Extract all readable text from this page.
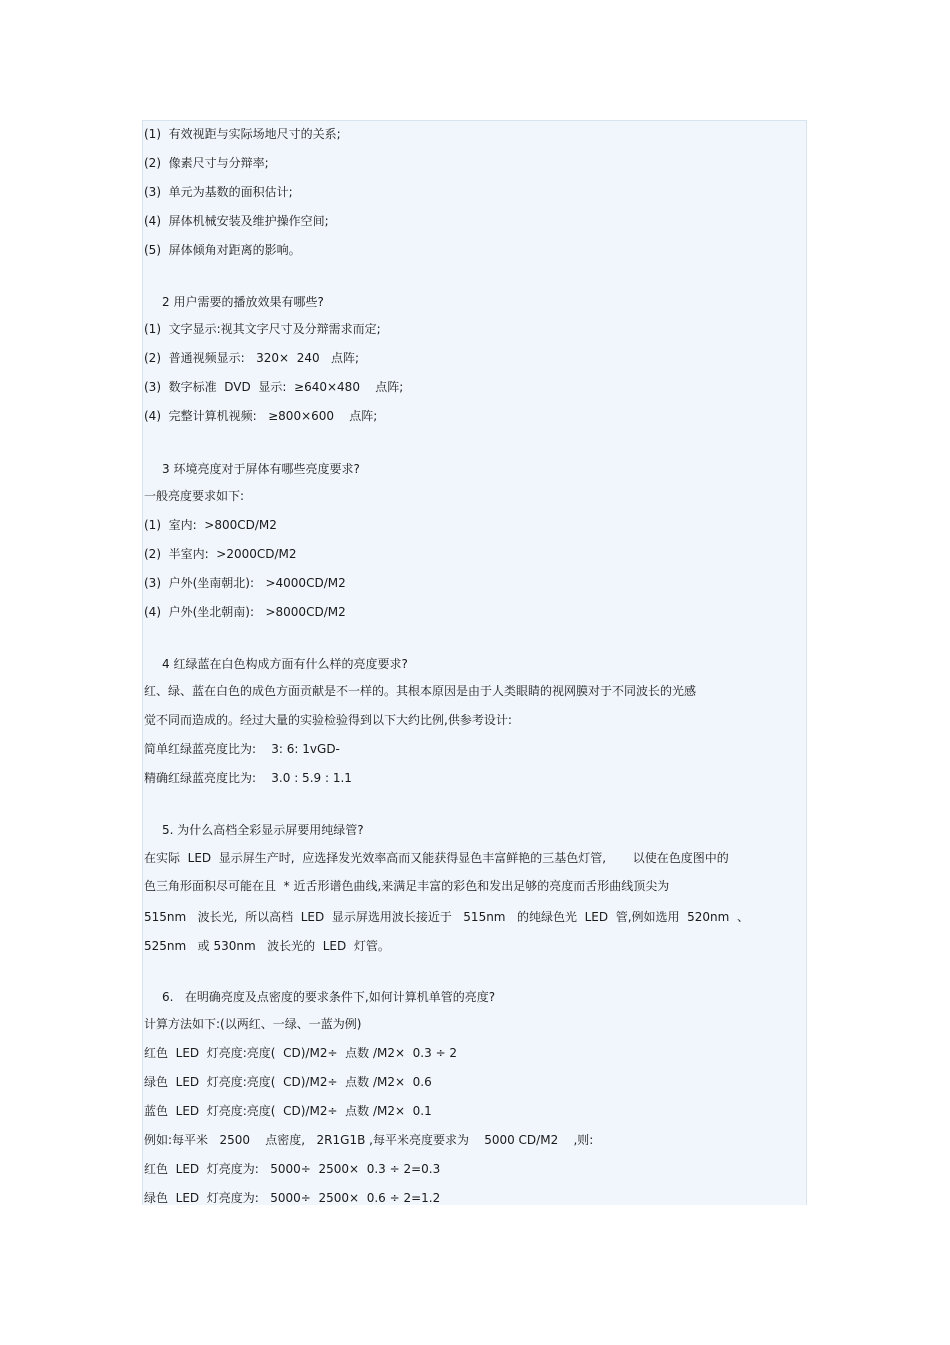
(1)  有效视距与实际场地尺寸的关系;
(2)  像素尺寸与分辩率;
(3)  单元为基数的面积估计;
(4)  屏体机械安装及维护操作空间;
(5)  屏体倾角对距离的影响。
2 用户需要的播放效果有哪些?
(1)  文字显示:视其文字尺寸及分辩需求而定;
(2)  普通视频显示:   320×  240   点阵;
(3)  数字标准  DVD  显示:  ≥640×480    点阵;
(4)  完整计算机视频:   ≥800×600    点阵;
3 环境亮度对于屏体有哪些亮度要求?
一般亮度要求如下:
(1)  室内:  >800CD/M2
(2)  半室内:  >2000CD/M2
(3)  户外(坐南朝北):   >4000CD/M2
(4)  户外(坐北朝南):   >8000CD/M2
4 红绿蓝在白色构成方面有什么样的亮度要求?
红、绿、蓝在白色的成色方面贡献是不一样的。其根本原因是由于人类眼睛的视网膜对于不同波长的光感
觉不同而造成的。经过大量的实验检验得到以下大约比例,供参考设计:
简单红绿蓝亮度比为:    3: 6: 1vGD-
精确红绿蓝亮度比为:    3.0 : 5.9 : 1.1
5. 为什么高档全彩显示屏要用纯绿管?
在实际  LED  显示屏生产时,  应选择发光效率高而又能获得显色丰富鲜艳的三基色灯管,       以使在色度图中的
色三角形面积尽可能在且  * 近舌形谱色曲线,来满足丰富的彩色和发出足够的亮度而舌形曲线顶尖为
515nm   波长光,  所以高档  LED  显示屏选用波长接近于   515nm   的纯绿色光  LED  管,例如选用  520nm  、
525nm   或 530nm   波长光的  LED  灯管。
6.   在明确亮度及点密度的要求条件下,如何计算机单管的亮度?
计算方法如下:(以两红、一绿、一蓝为例)
红色  LED  灯亮度:亮度(  CD)/M2÷  点数 /M2×  0.3 ÷ 2
绿色  LED  灯亮度:亮度(  CD)/M2÷  点数 /M2×  0.6
蓝色  LED  灯亮度:亮度(  CD)/M2÷  点数 /M2×  0.1
例如:每平米   2500    点密度,   2R1G1B ,每平米亮度要求为    5000 CD/M2    ,则:
红色  LED  灯亮度为:   5000÷  2500×  0.3 ÷ 2=0.3
绿色  LED  灯亮度为:   5000÷  2500×  0.6 ÷ 2=1.2
